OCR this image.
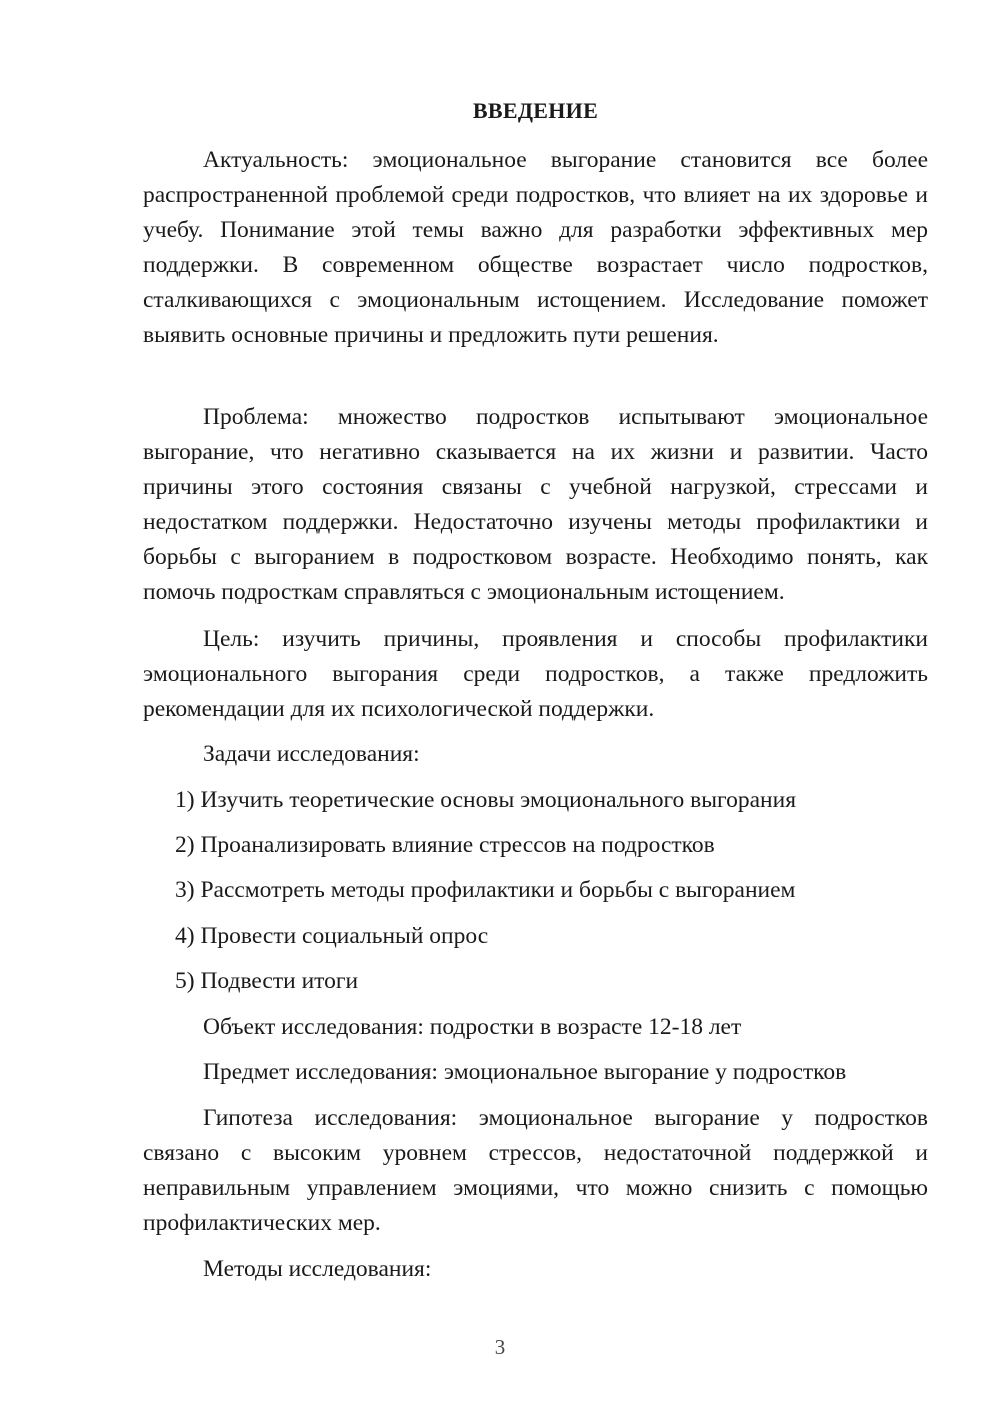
ВВЕДЕНИЕ

Актуальность: эмоциональное выгорание становится все более распространенной проблемой среди подростков, что влияет на их здоровье и учебу. Понимание этой темы важно для разработки эффективных мер поддержки. В современном обществе возрастает число подростков, сталкивающихся с эмоциональным истощением. Исследование поможет выявить основные причины и предложить пути решения.

Проблема: множество подростков испытывают эмоциональное выгорание, что негативно сказывается на их жизни и развитии. Часто причины этого состояния связаны с учебной нагрузкой, стрессами и недостатком поддержки. Недостаточно изучены методы профилактики и борьбы с выгоранием в подростковом возрасте. Необходимо понять, как помочь подросткам справляться с эмоциональным истощением.

Цель: изучить причины, проявления и способы профилактики эмоционального выгорания среди подростков, а также предложить рекомендации для их психологической поддержки.

Задачи исследования:

1) Изучить теоретические основы эмоционального выгорания

2) Проанализировать влияние стрессов на подростков

3) Рассмотреть методы профилактики и борьбы с выгоранием

4) Провести социальный опрос

5) Подвести итоги

Объект исследования: подростки в возрасте 12-18 лет

Предмет исследования: эмоциональное выгорание у подростков

Гипотеза исследования: эмоциональное выгорание у подростков связано с высоким уровнем стрессов, недостаточной поддержкой и неправильным управлением эмоциями, что можно снизить с помощью профилактических мер.

Методы исследования:

3
